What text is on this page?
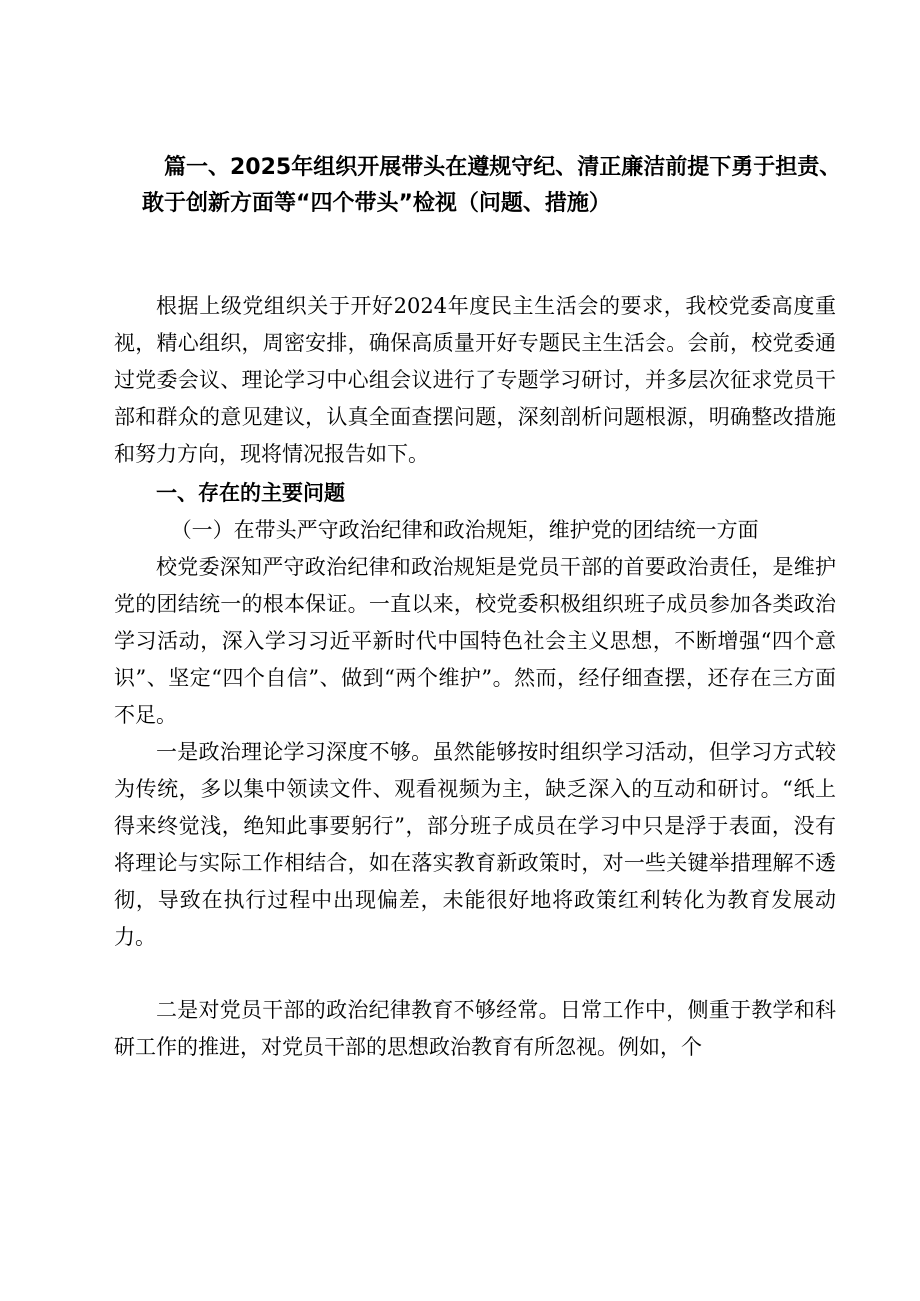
篇一、2025年组织开展带头在遵规守纪、清正廉洁前提下勇于担责、
敢于创新方面等“四个带头”检视（问题、措施）

根据上级党组织关于开好2024年度民主生活会的要求，我校党委高度重视，精心组织，周密安排，确保高质量开好专题民主生活会。会前，校党委通过党委会议、理论学习中心组会议进行了专题学习研讨，并多层次征求党员干部和群众的意见建议，认真全面查摆问题，深刻剖析问题根源，明确整改措施和努力方向，现将情况报告如下。

一、存在的主要问题

（一）在带头严守政治纪律和政治规矩，维护党的团结统一方面

校党委深知严守政治纪律和政治规矩是党员干部的首要政治责任，是维护党的团结统一的根本保证。一直以来，校党委积极组织班子成员参加各类政治学习活动，深入学习习近平新时代中国特色社会主义思想，不断增强“四个意识”、坚定“四个自信”、做到“两个维护”。然而，经仔细查摆，还存在三方面不足。

一是政治理论学习深度不够。虽然能够按时组织学习活动，但学习方式较为传统，多以集中领读文件、观看视频为主，缺乏深入的互动和研讨。“纸上得来终觉浅，绝知此事要躬行”，部分班子成员在学习中只是浮于表面，没有将理论与实际工作相结合，如在落实教育新政策时，对一些关键举措理解不透彻，导致在执行过程中出现偏差，未能很好地将政策红利转化为教育发展动力。

二是对党员干部的政治纪律教育不够经常。日常工作中，侧重于教学和科研工作的推进，对党员干部的思想政治教育有所忽视。例如，个
